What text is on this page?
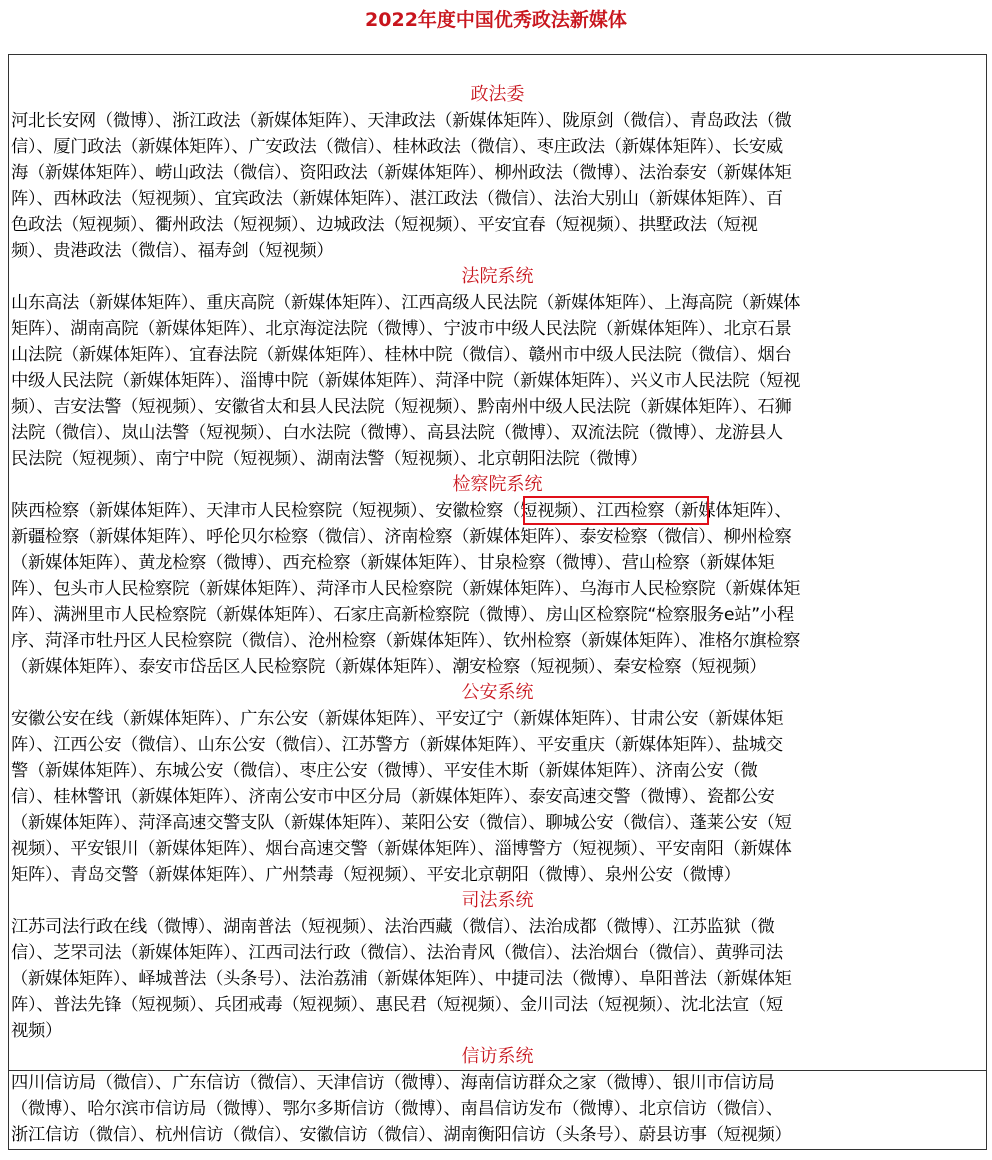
2022年度中国优秀政法新媒体
政法委
河北长安网（微博）、浙江政法（新媒体矩阵）、天津政法（新媒体矩阵）、陇原剑（微信）、青岛政法（微
信）、厦门政法（新媒体矩阵）、广安政法（微信）、桂林政法（微信）、枣庄政法（新媒体矩阵）、长安威
海（新媒体矩阵）、崂山政法（微信）、资阳政法（新媒体矩阵）、柳州政法（微博）、法治泰安（新媒体矩
阵）、西林政法（短视频）、宜宾政法（新媒体矩阵）、湛江政法（微信）、法治大别山（新媒体矩阵）、百
色政法（短视频）、衢州政法（短视频）、边城政法（短视频）、平安宜春（短视频）、拱墅政法（短视
频）、贵港政法（微信）、福寿剑（短视频）
法院系统
山东高法（新媒体矩阵）、重庆高院（新媒体矩阵）、江西高级人民法院（新媒体矩阵）、上海高院（新媒体
矩阵）、湖南高院（新媒体矩阵）、北京海淀法院（微博）、宁波市中级人民法院（新媒体矩阵）、北京石景
山法院（新媒体矩阵）、宜春法院（新媒体矩阵）、桂林中院（微信）、赣州市中级人民法院（微信）、烟台
中级人民法院（新媒体矩阵）、淄博中院（新媒体矩阵）、菏泽中院（新媒体矩阵）、兴义市人民法院（短视
频）、吉安法警（短视频）、安徽省太和县人民法院（短视频）、黔南州中级人民法院（新媒体矩阵）、石狮
法院（微信）、岚山法警（短视频）、白水法院（微博）、高县法院（微博）、双流法院（微博）、龙游县人
民法院（短视频）、南宁中院（短视频）、湖南法警（短视频）、北京朝阳法院（微博）
检察院系统
陕西检察（新媒体矩阵）、天津市人民检察院（短视频）、安徽检察（短视频）、江西检察（新媒体矩阵）、
新疆检察（新媒体矩阵）、呼伦贝尔检察（微信）、济南检察（新媒体矩阵）、泰安检察（微信）、柳州检察
（新媒体矩阵）、黄龙检察（微博）、西充检察（新媒体矩阵）、甘泉检察（微博）、营山检察（新媒体矩
阵）、包头市人民检察院（新媒体矩阵）、菏泽市人民检察院（新媒体矩阵）、乌海市人民检察院（新媒体矩
阵）、满洲里市人民检察院（新媒体矩阵）、石家庄高新检察院（微博）、房山区检察院“检察服务e站”小程
序、菏泽市牡丹区人民检察院（微信）、沧州检察（新媒体矩阵）、钦州检察（新媒体矩阵）、准格尔旗检察
（新媒体矩阵）、泰安市岱岳区人民检察院（新媒体矩阵）、潮安检察（短视频）、秦安检察（短视频）
公安系统
安徽公安在线（新媒体矩阵）、广东公安（新媒体矩阵）、平安辽宁（新媒体矩阵）、甘肃公安（新媒体矩
阵）、江西公安（微信）、山东公安（微信）、江苏警方（新媒体矩阵）、平安重庆（新媒体矩阵）、盐城交
警（新媒体矩阵）、东城公安（微信）、枣庄公安（微博）、平安佳木斯（新媒体矩阵）、济南公安（微
信）、桂林警讯（新媒体矩阵）、济南公安市中区分局（新媒体矩阵）、泰安高速交警（微博）、瓷都公安
（新媒体矩阵）、菏泽高速交警支队（新媒体矩阵）、莱阳公安（微信）、聊城公安（微信）、蓬莱公安（短
视频）、平安银川（新媒体矩阵）、烟台高速交警（新媒体矩阵）、淄博警方（短视频）、平安南阳（新媒体
矩阵）、青岛交警（新媒体矩阵）、广州禁毒（短视频）、平安北京朝阳（微博）、泉州公安（微博）
司法系统
江苏司法行政在线（微博）、湖南普法（短视频）、法治西藏（微信）、法治成都（微博）、江苏监狱（微
信）、芝罘司法（新媒体矩阵）、江西司法行政（微信）、法治青风（微信）、法治烟台（微信）、黄骅司法
（新媒体矩阵）、峄城普法（头条号）、法治荔浦（新媒体矩阵）、中捷司法（微博）、阜阳普法（新媒体矩
阵）、普法先锋（短视频）、兵团戒毒（短视频）、惠民君（短视频）、金川司法（短视频）、沈北法宣（短
视频）
信访系统
四川信访局（微信）、广东信访（微信）、天津信访（微博）、海南信访群众之家（微博）、银川市信访局
（微博）、哈尔滨市信访局（微博）、鄂尔多斯信访（微博）、南昌信访发布（微博）、北京信访（微信）、
浙江信访（微信）、杭州信访（微信）、安徽信访（微信）、湖南衡阳信访（头条号）、蔚县访事（短视频）
